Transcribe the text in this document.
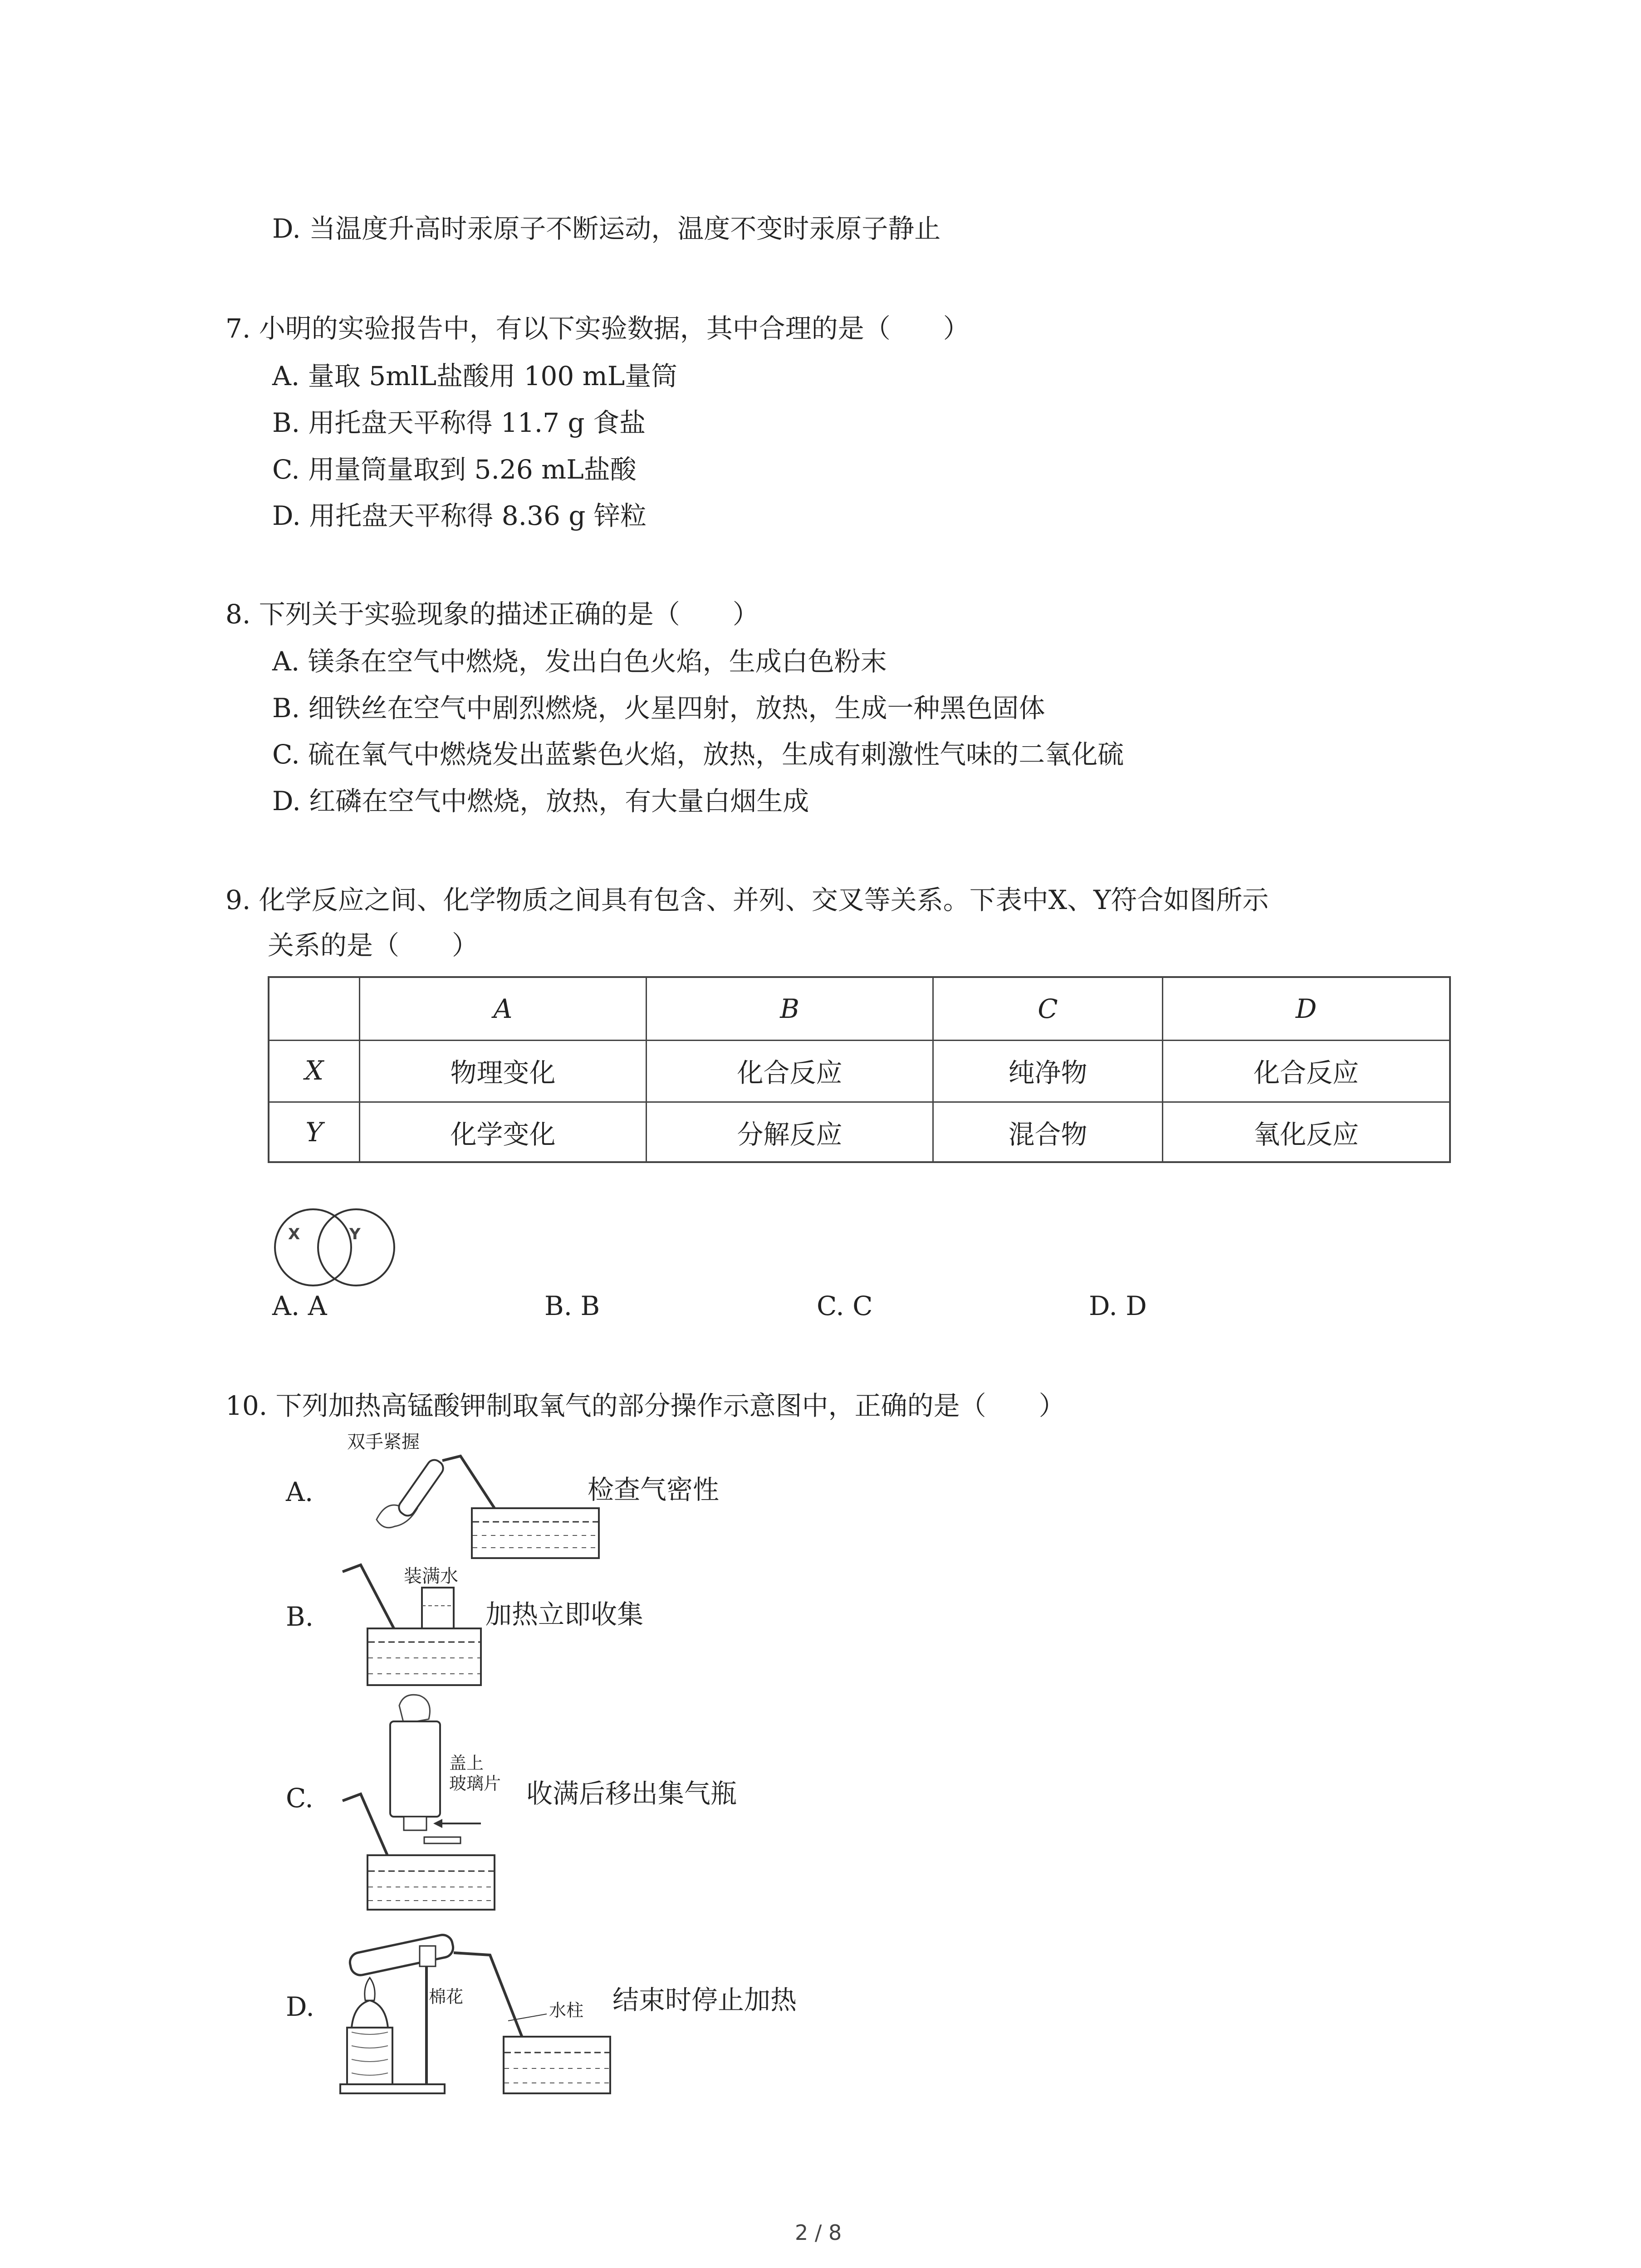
D. 当温度升高时汞原子不断运动，温度不变时汞原子静止
7. 小明的实验报告中，有以下实验数据，其中合理的是（　　）
A. 量取 5mlL盐酸用 100 mL量筒
B. 用托盘天平称得 11.7 g 食盐
C. 用量筒量取到 5.26 mL盐酸
D. 用托盘天平称得 8.36 g 锌粒
8. 下列关于实验现象的描述正确的是（　　）
A. 镁条在空气中燃烧，发出白色火焰，生成白色粉末
B. 细铁丝在空气中剧烈燃烧，火星四射，放热，生成一种黑色固体
C. 硫在氧气中燃烧发出蓝紫色火焰，放热，生成有刺激性气味的二氧化硫
D. 红磷在空气中燃烧，放热，有大量白烟生成
9. 化学反应之间、化学物质之间具有包含、并列、交叉等关系。下表中X、Y符合如图所示
关系的是（　　）
A	B	C	D
X	物理变化	化合反应	纯净物	化合反应
Y	化学变化	分解反应	混合物	氧化反应
X	Y
A. A	B. B	C. C	D. D
10. 下列加热高锰酸钾制取氧气的部分操作示意图中，正确的是（　　）
A.
双手紧握
检查气密性
B.
装满水
加热立即收集
C.
盖上
玻璃片 收满后移出集气瓶
D.	棉花
水柱 结束时停止加热
2 / 8
